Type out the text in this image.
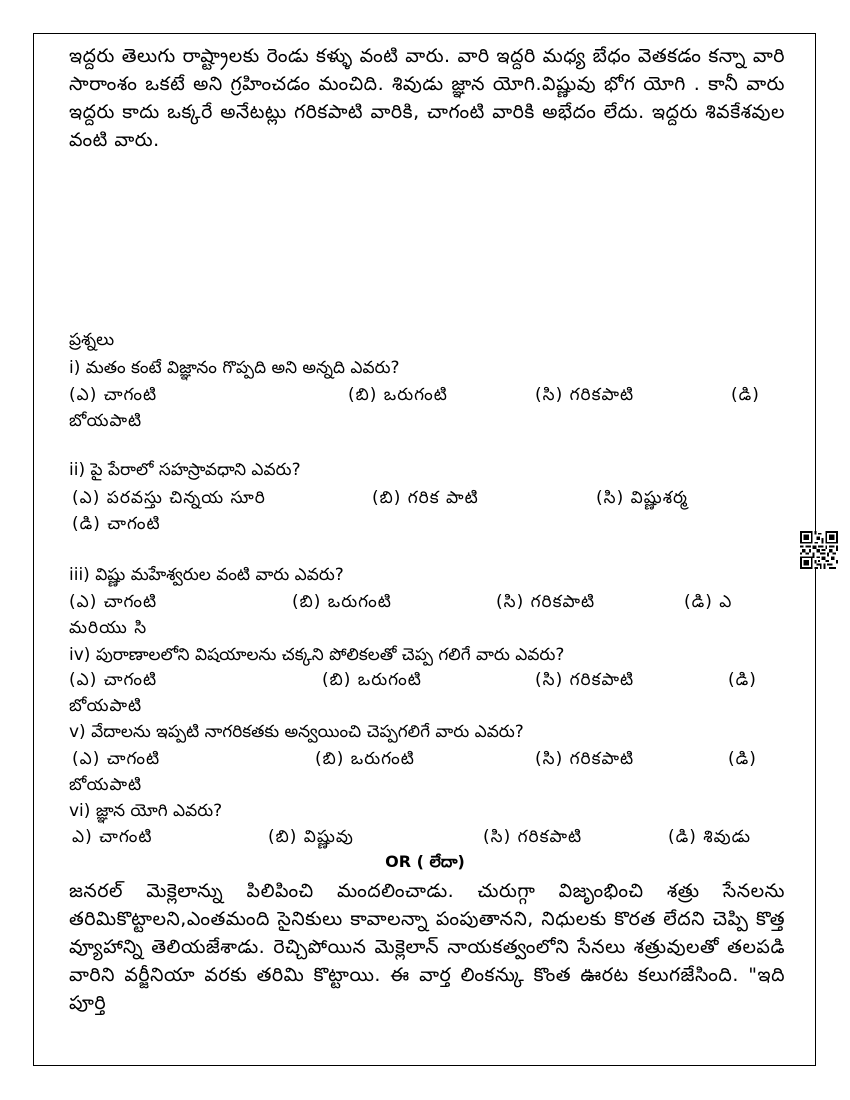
ఇద్దరు తెలుగు రాష్ట్రాలకు రెండు కళ్ళు వంటి వారు. వారి ఇద్దరి మధ్య బేధం వెతకడం కన్నా వారి సారాంశం ఒకటే అని గ్రహించడం మంచిది. శివుడు జ్ఞాన యోగి.విష్ణువు భోగ యోగి . కానీ వారు ఇద్దరు కాదు ఒక్కరే అనేటట్లు గరికపాటి వారికి, చాగంటి వారికి అభేదం లేదు. ఇద్దరు శివకేశవుల వంటి వారు.

ప్రశ్నలు
i) మతం కంటే విజ్ఞానం గొప్పది అని అన్నది ఎవరు?
(ఎ) చాగంటి	(బి) ఒరుగంటి	(సి) గరికపాటి	(డి)
బోయపాటి
ii) పై పేరాలో సహస్రావధాని ఎవరు?
(ఎ) పరవస్తు చిన్నయ సూరి	(బి) గరిక పాటి	(సి) విష్ణుశర్మ
(డి) చాగంటి
iii) విష్ణు మహేశ్వరుల వంటి వారు ఎవరు?
(ఎ) చాగంటి	(బి) ఒరుగంటి	(సి) గరికపాటి	(డి) ఎ
మరియు సి
iv) పురాణాలలోని విషయాలను చక్కని పోలికలతో చెప్ప గలిగే వారు ఎవరు?
(ఎ) చాగంటి	(బి) ఒరుగంటి	(సి) గరికపాటి	(డి)
బోయపాటి
v) వేదాలను ఇప్పటి నాగరికతకు అన్వయించి చెప్పగలిగే వారు ఎవరు?
(ఎ) చాగంటి	(బి) ఒరుగంటి	(సి) గరికపాటి	(డి)
బోయపాటి
vi) జ్ఞాన యోగి ఎవరు?
ఎ) చాగంటి	(బి) విష్ణువు	(సి) గరికపాటి	(డి) శివుడు
OR ( లేదా)

జనరల్ మెక్లెలాన్ను పిలిపించి మందలించాడు. చురుగ్గా విజృంభించి శత్రు సేనలను తరిమికొట్టాలని,ఎంతమంది సైనికులు కావాలన్నా పంపుతానని, నిధులకు కొరత లేదని చెప్పి కొత్త వ్యూహాన్ని తెలియజేశాడు. రెచ్చిపోయిన మెక్లెలాన్ నాయకత్వంలోని సేనలు శత్రువులతో తలపడి వారిని వర్జీనియా వరకు తరిమి కొట్టాయి. ఈ వార్త లింకన్కు కొంత ఊరట కలుగజేసింది. "ఇది పూర్తి
